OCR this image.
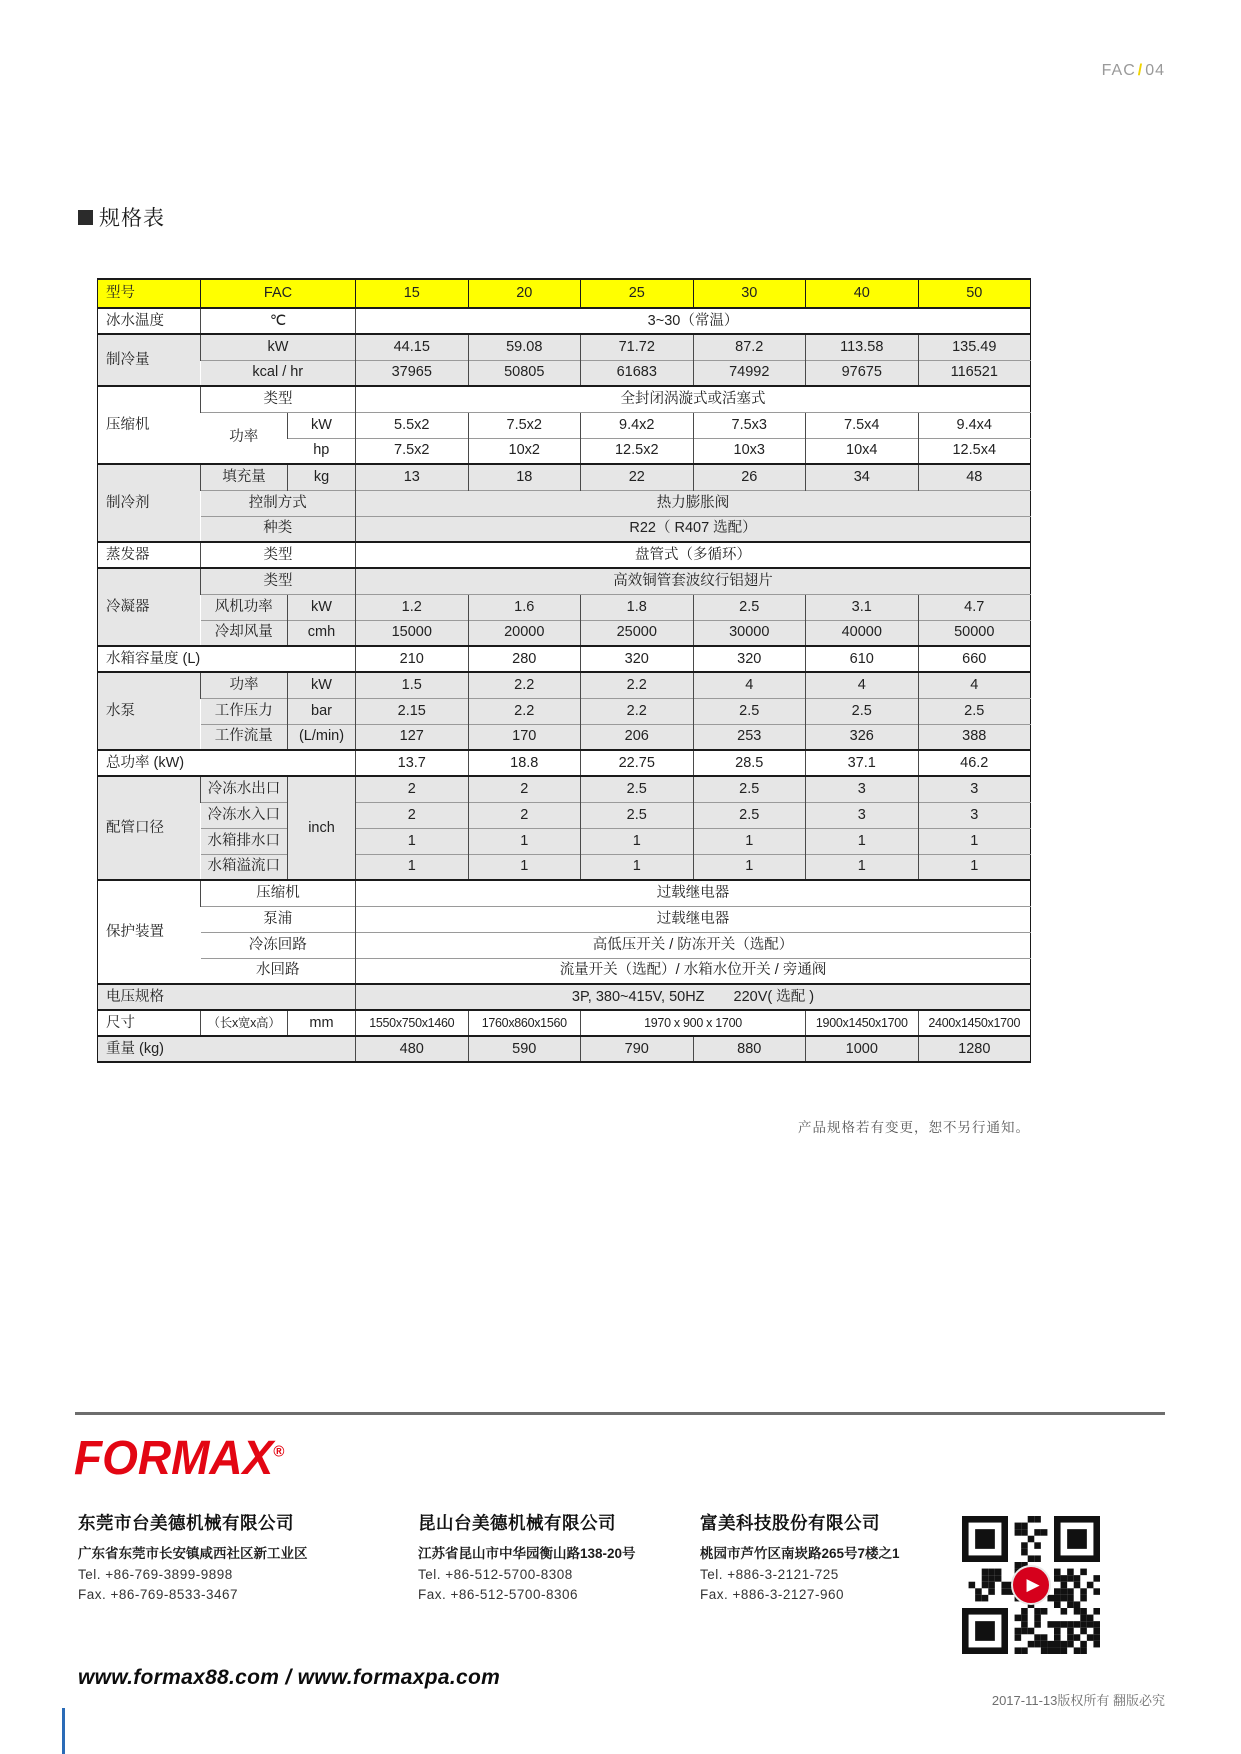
FAC / 04
规格表
型号	FAC		15	20	25	30	40	50
冰水温度	℃		3~30（常温）					
制冷量	kW		44.15	59.08	71.72	87.2	113.58	135.49
	kcal / hr		37965	50805	61683	74992	97675	116521
压缩机	类型		全封闭涡漩式或活塞式					
	功率	kW	5.5x2	7.5x2	9.4x2	7.5x3	7.5x4	9.4x4
		hp	7.5x2	10x2	12.5x2	10x3	10x4	12.5x4
制冷剂	填充量	kg	13	18	22	26	34	48
	控制方式		热力膨胀阀					
	种类		R22（ R407 选配）					
蒸发器	类型		盘管式（多循环）					
冷凝器	类型		高效铜管套波纹行铝翅片					
	风机功率	kW	1.2	1.6	1.8	2.5	3.1	4.7
	冷却风量	cmh	15000	20000	25000	30000	40000	50000
水箱容量度 (L)			210	280	320	320	610	660
水泵	功率	kW	1.5	2.2	2.2	4	4	4
	工作压力	bar	2.15	2.2	2.2	2.5	2.5	2.5
	工作流量	(L/min)	127	170	206	253	326	388
总功率 (kW)			13.7	18.8	22.75	28.5	37.1	46.2
配管口径	冷冻水出口	inch	2	2	2.5	2.5	3	3
	冷冻水入口		2	2	2.5	2.5	3	3
	水箱排水口		1	1	1	1	1	1
	水箱溢流口		1	1	1	1	1	1
保护装置	压缩机		过载继电器					
	泵浦		过载继电器					
	冷冻回路		高低压开关 / 防冻开关（选配）					
	水回路		流量开关（选配）/ 水箱水位开关 / 旁通阀					
电压规格			3P, 380~415V, 50HZ　　220V( 选配 )					
尺寸	（长x宽x高）	mm	1550x750x1460	1760x860x1560	1970 x 900 x 1700		1900x1450x1700	2400x1450x1700
重量 (kg)			480	590	790	880	1000	1280
产品规格若有变更，恕不另行通知。
FORMAX®
东莞市台美德机械有限公司
广东省东莞市长安镇咸西社区新工业区
Tel. +86-769-3899-9898
Fax. +86-769-8533-3467
昆山台美德机械有限公司
江苏省昆山市中华园衡山路138-20号
Tel. +86-512-5700-8308
Fax. +86-512-5700-8306
富美科技股份有限公司
桃园市芦竹区南崁路265号7楼之1
Tel. +886-3-2121-725
Fax. +886-3-2127-960
▶
www.formax88.com / www.formaxpa.com
2017-11-13版权所有 翻版必究
